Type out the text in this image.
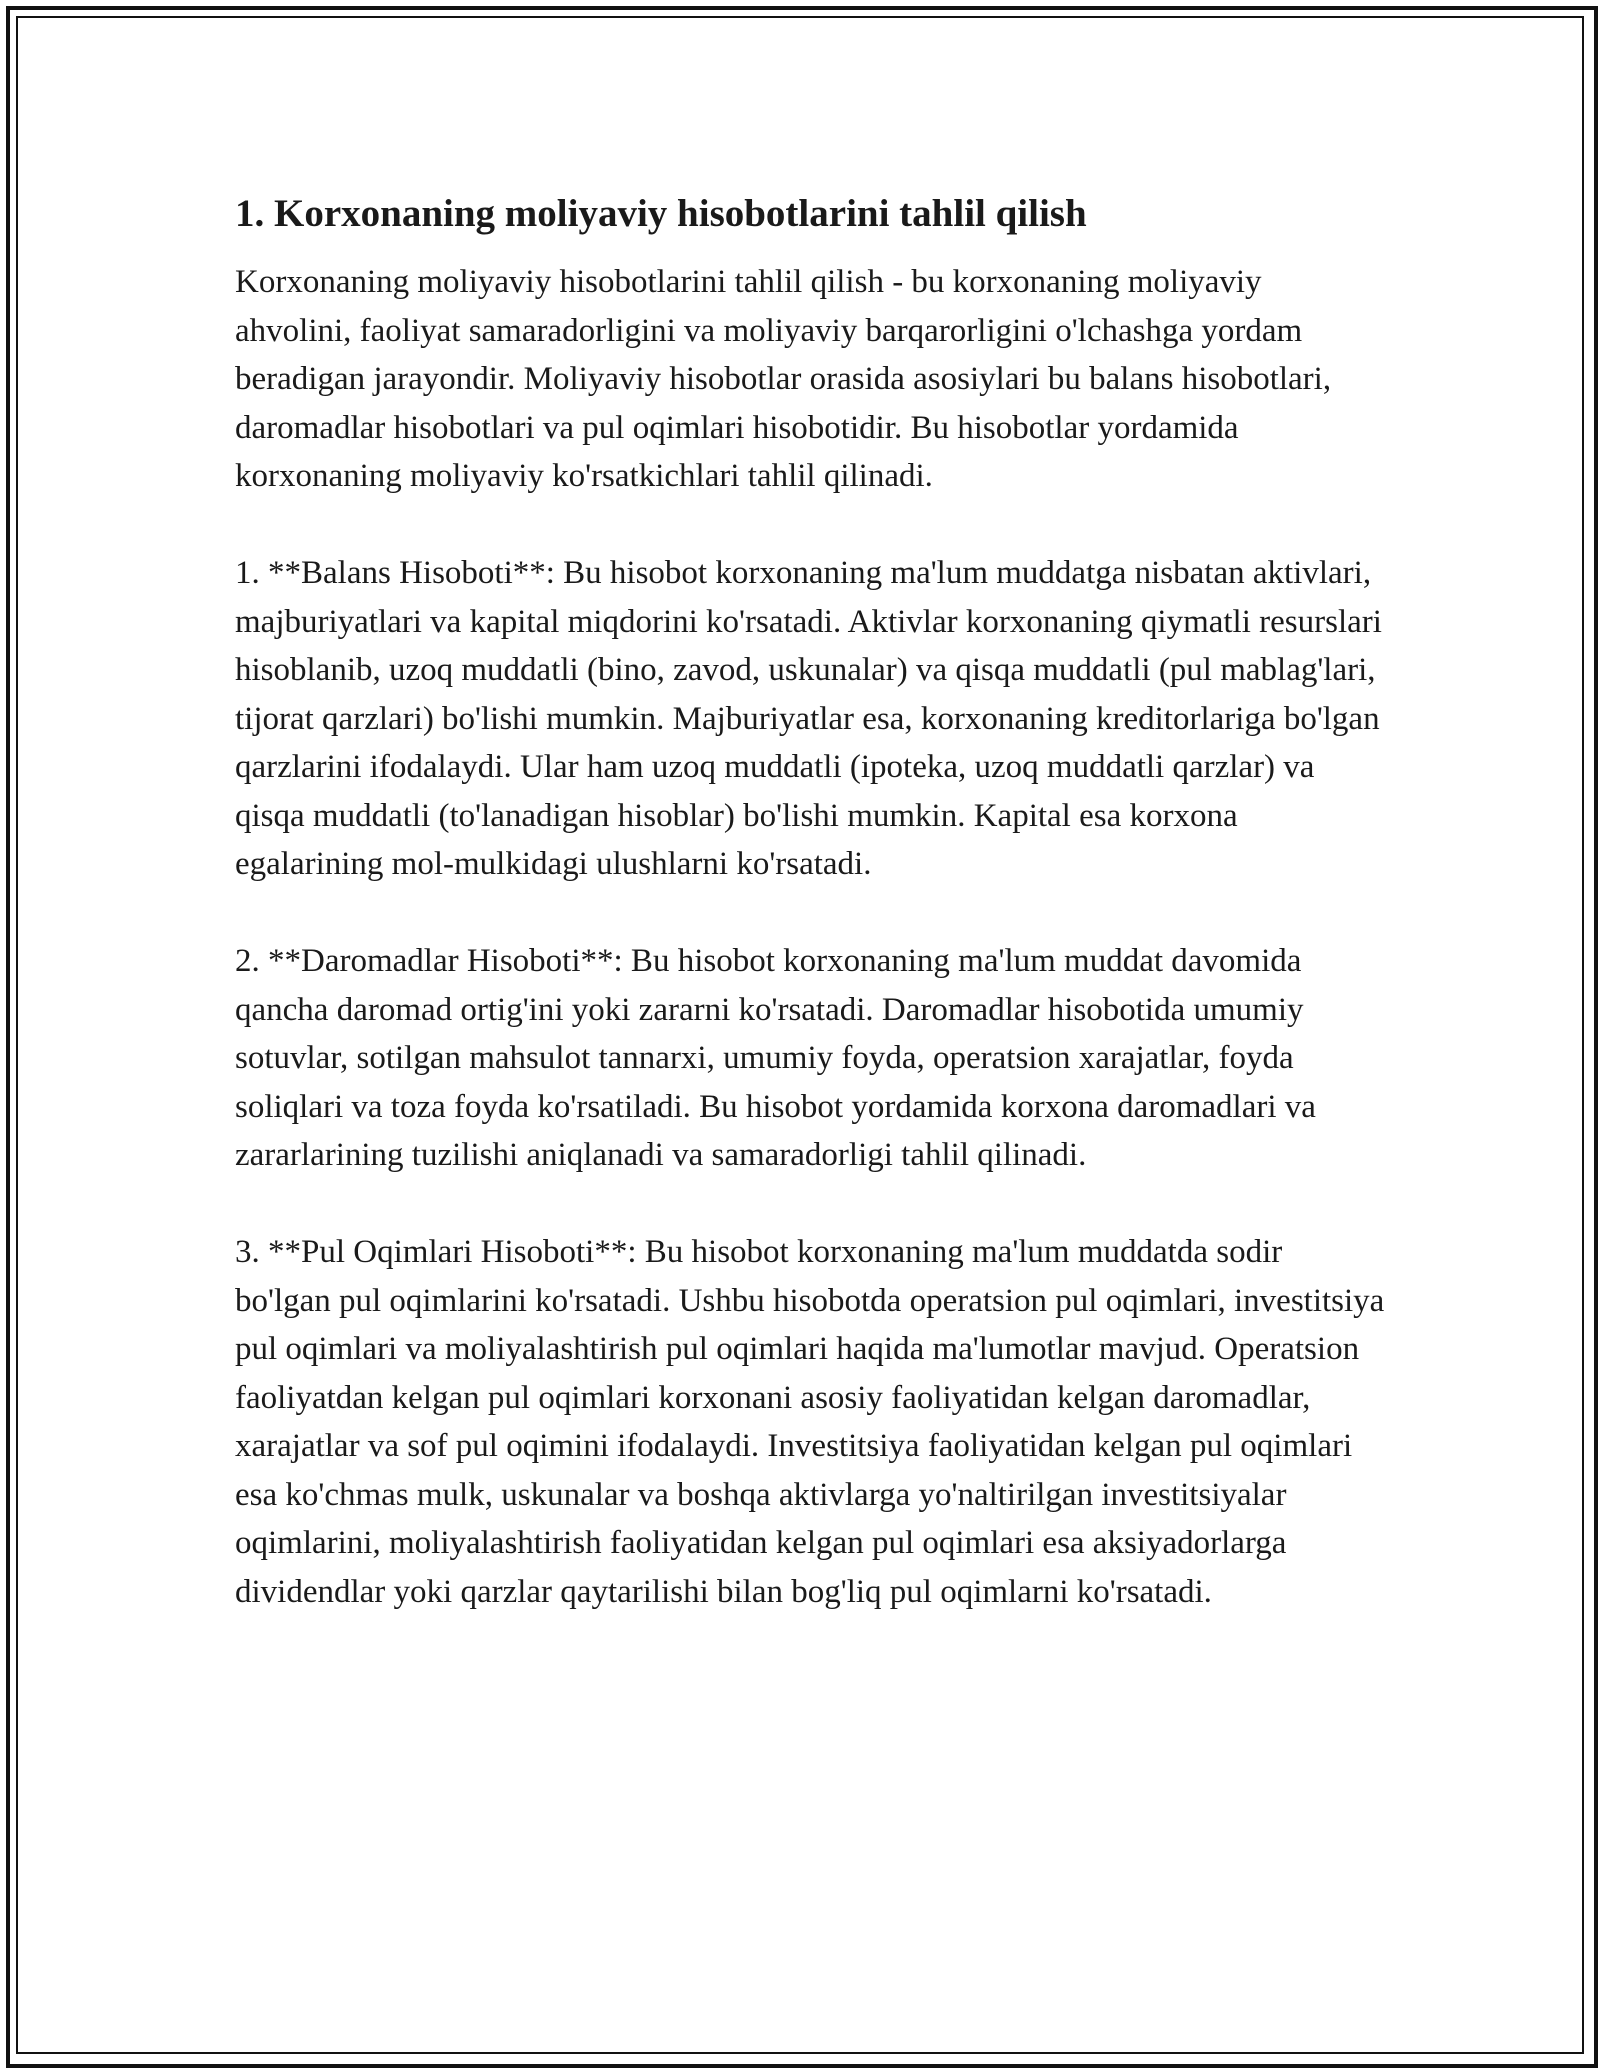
1. Korxonaning moliyaviy hisobotlarini tahlil qilish

Korxonaning moliyaviy hisobotlarini tahlil qilish - bu korxonaning moliyaviy ahvolini, faoliyat samaradorligini va moliyaviy barqarorligini o'lchashga yordam beradigan jarayondir. Moliyaviy hisobotlar orasida asosiylari bu balans hisobotlari, daromadlar hisobotlari va pul oqimlari hisobotidir. Bu hisobotlar yordamida korxonaning moliyaviy ko'rsatkichlari tahlil qilinadi.

1. **Balans Hisoboti**: Bu hisobot korxonaning ma'lum muddatga nisbatan aktivlari, majburiyatlari va kapital miqdorini ko'rsatadi. Aktivlar korxonaning qiymatli resurslari hisoblanib, uzoq muddatli (bino, zavod, uskunalar) va qisqa muddatli (pul mablag'lari, tijorat qarzlari) bo'lishi mumkin. Majburiyatlar esa, korxonaning kreditorlariga bo'lgan qarzlarini ifodalaydi. Ular ham uzoq muddatli (ipoteka, uzoq muddatli qarzlar) va qisqa muddatli (to'lanadigan hisoblar) bo'lishi mumkin. Kapital esa korxona egalarining mol-mulkidagi ulushlarni ko'rsatadi.

2. **Daromadlar Hisoboti**: Bu hisobot korxonaning ma'lum muddat davomida qancha daromad ortig'ini yoki zararni ko'rsatadi. Daromadlar hisobotida umumiy sotuvlar, sotilgan mahsulot tannarxi, umumiy foyda, operatsion xarajatlar, foyda soliqlari va toza foyda ko'rsatiladi. Bu hisobot yordamida korxona daromadlari va zararlarining tuzilishi aniqlanadi va samaradorligi tahlil qilinadi.

3. **Pul Oqimlari Hisoboti**: Bu hisobot korxonaning ma'lum muddatda sodir bo'lgan pul oqimlarini ko'rsatadi. Ushbu hisobotda operatsion pul oqimlari, investitsiya pul oqimlari va moliyalashtirish pul oqimlari haqida ma'lumotlar mavjud. Operatsion faoliyatdan kelgan pul oqimlari korxonani asosiy faoliyatidan kelgan daromadlar, xarajatlar va sof pul oqimini ifodalaydi. Investitsiya faoliyatidan kelgan pul oqimlari esa ko'chmas mulk, uskunalar va boshqa aktivlarga yo'naltirilgan investitsiyalar oqimlarini, moliyalashtirish faoliyatidan kelgan pul oqimlari esa aksiyadorlarga dividendlar yoki qarzlar qaytarilishi bilan bog'liq pul oqimlarni ko'rsatadi.
